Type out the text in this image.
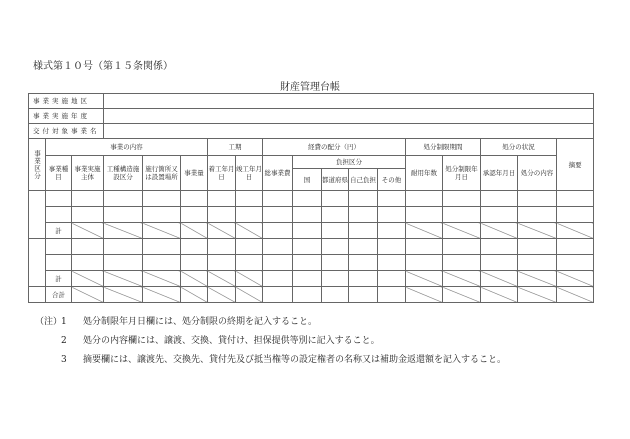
様式第１０号（第１５条関係）
財産管理台帳
事業実施地区																	
事業実施年度																	
交付対象事業名																	
事業区分	事業の内容					工期		経費の配分（円）					処分制限期間		処分の状況		摘要
	事業種目	事業実施主体	工種構造施設区分	施行箇所又は設置場所	事業量	着工年月日	竣工年月日	総事業費	負担区分				耐用年数	処分制限年月日	承認年月日	処分の内容	
									国	都道府県	自己負担	その他					

	計																

	計																
	合計																
（注）
1	処分制限年月日欄には、処分制限の終期を記入すること。
2	処分の内容欄には、譲渡、交換、貸付け、担保提供等別に記入すること。
3	摘要欄には、譲渡先、交換先、貸付先及び抵当権等の設定権者の名称又は補助金返還額を記入すること。
